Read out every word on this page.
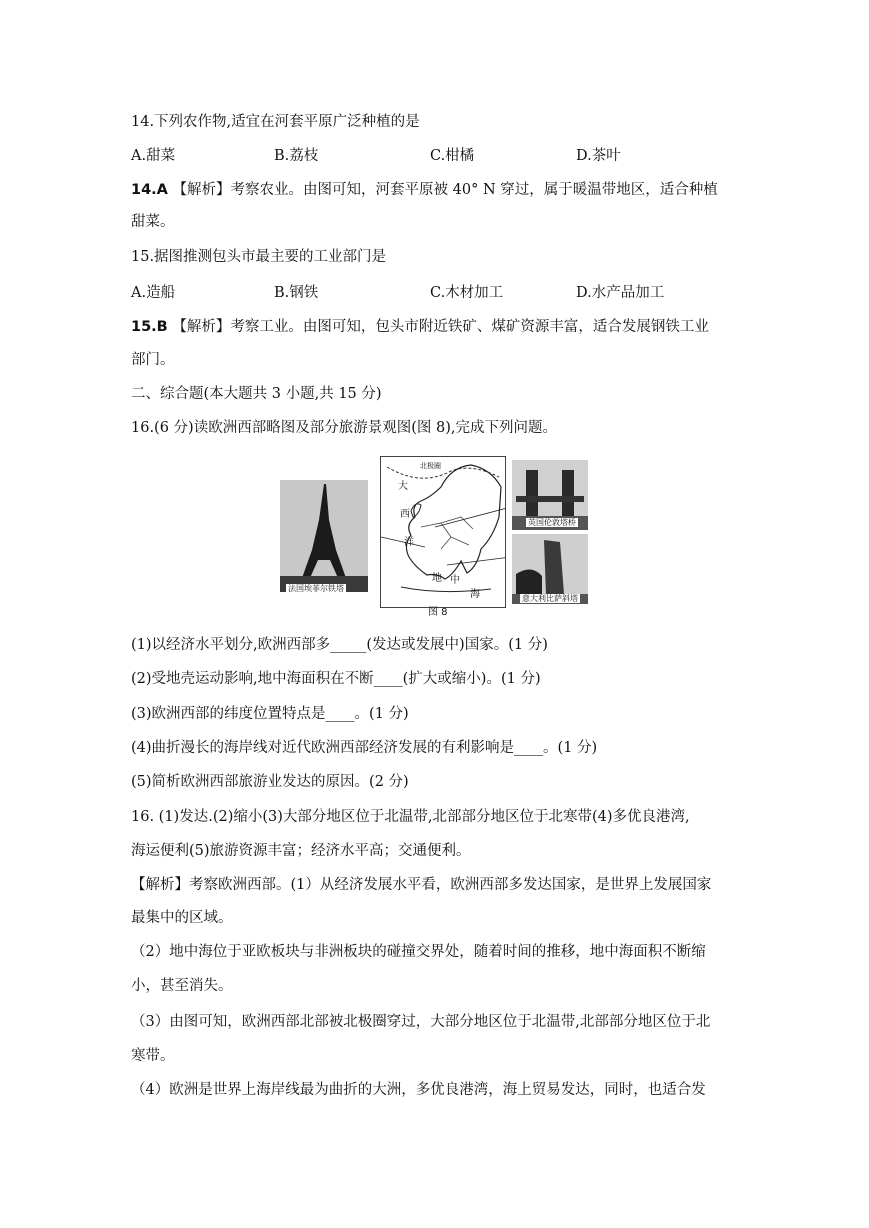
14.下列农作物,适宜在河套平原广泛种植的是
A.甜菜	B.荔枝	C.柑橘	D.茶叶
14.A 【解析】考察农业。由图可知，河套平原被 40° N 穿过，属于暖温带地区，适合种植
甜菜。
15.据图推测包头市最主要的工业部门是
A.造船	B.钢铁	C.木材加工	D.水产品加工
15.B 【解析】考察工业。由图可知，包头市附近铁矿、煤矿资源丰富，适合发展钢铁工业
部门。
二、综合题(本大题共 3 小题,共 15 分)
16.(6 分)读欧洲西部略图及部分旅游景观图(图 8),完成下列问题。
法国埃菲尔铁塔
北极圈
大
西
洋
地 中
海
英国伦敦塔桥
意大利比萨斜塔
图 8
(1)以经济水平划分,欧洲西部多_____(发达或发展中)国家。(1 分)
(2)受地壳运动影响,地中海面积在不断____(扩大或缩小)。(1 分)
(3)欧洲西部的纬度位置特点是____。(1 分)
(4)曲折漫长的海岸线对近代欧洲西部经济发展的有利影响是____。(1 分)
(5)简析欧洲西部旅游业发达的原因。(2 分)
16. (1)发达.(2)缩小(3)大部分地区位于北温带,北部部分地区位于北寒带(4)多优良港湾,
海运便利(5)旅游资源丰富；经济水平高；交通便利。
【解析】考察欧洲西部。(1）从经济发展水平看，欧洲西部多发达国家，是世界上发展国家
最集中的区域。
（2）地中海位于亚欧板块与非洲板块的碰撞交界处，随着时间的推移，地中海面积不断缩
小，甚至消失。
（3）由图可知，欧洲西部北部被北极圈穿过，大部分地区位于北温带,北部部分地区位于北
寒带。
（4）欧洲是世界上海岸线最为曲折的大洲，多优良港湾，海上贸易发达，同时，也适合发
